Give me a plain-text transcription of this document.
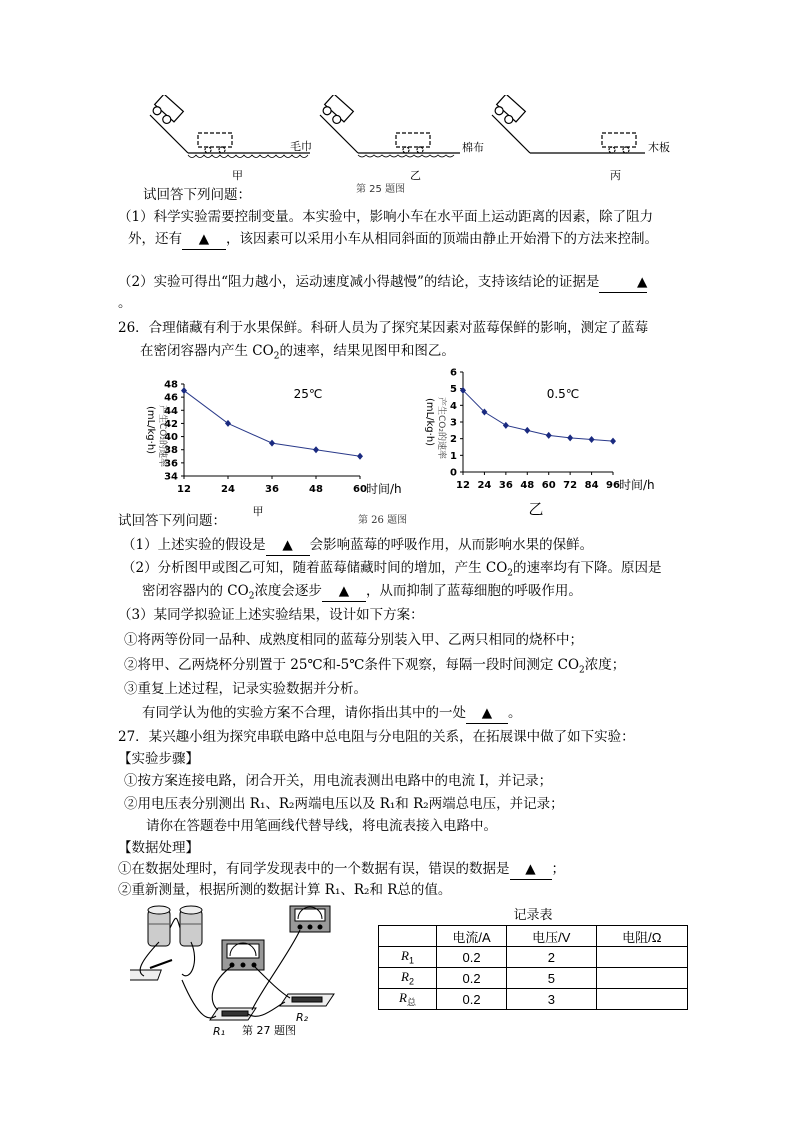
毛巾	棉布	木板
甲	乙	丙
第 25 题图
试回答下列问题：
（1）科学实验需要控制变量。本实验中，影响小车在水平面上运动距离的因素，除了阻力
外，还有 ▲ ，该因素可以采用小车从相同斜面的顶端由静止开始滑下的方法来控制。
（2）实验可得出“阻力越小，运动速度减小得越慢”的结论，支持该结论的证据是	▲
。
26．合理储藏有利于水果保鲜。科研人员为了探究某因素对蓝莓保鲜的影响，测定了蓝莓
在密闭容器内产生 $CO_2$的速率，结果见图甲和图乙。
34
36
38
40
42
44
46
48
12	24	36	48	60
25℃
时间/h
甲
(mL/kg·h) 产生CO₂的速率
0
1
2
3
4
5
6
12 24 36 48 60 72 84 96
0.5℃
时间/h
乙
(mL/kg·h) 产生CO₂的速率
第 26 题图
试回答下列问题：
（1）上述实验的假设是 ▲ 会影响蓝莓的呼吸作用，从而影响水果的保鲜。
（2）分析图甲或图乙可知，随着蓝莓储藏时间的增加，产生 $CO_2$的速率均有下降。原因是
密闭容器内的 $CO_2$浓度会逐步 ▲ ，从而抑制了蓝莓细胞的呼吸作用。
（3）某同学拟验证上述实验结果，设计如下方案：
①将两等份同一品种、成熟度相同的蓝莓分别装入甲、乙两只相同的烧杯中；
②将甲、乙两烧杯分别置于 25℃和-5℃条件下观察，每隔一段时间测定 $CO_2$浓度；
③重复上述过程，记录实验数据并分析。
有同学认为他的实验方案不合理，请你指出其中的一处 ▲ 。
27．某兴趣小组为探究串联电路中总电阻与分电阻的关系，在拓展课中做了如下实验：
【实验步骤】
①按方案连接电路，闭合开关，用电流表测出电路中的电流 I，并记录；
②用电压表分别测出 R₁、R₂两端电压以及 R₁和 R₂两端总电压，并记录；
请你在答题卷中用笔画线代替导线，将电流表接入电路中。
【数据处理】
①在数据处理时，有同学发现表中的一个数据有误，错误的数据是 ▲ ；
②重新测量，根据所测的数据计算 R₁、R₂和 R总的值。
R₁
R₂
第 27 题图
记录表
	电流/A	电压/V	电阻/Ω
$R_1$	0.2	2	
$R_2$	0.2	5	
$R_总$	0.2	3	
